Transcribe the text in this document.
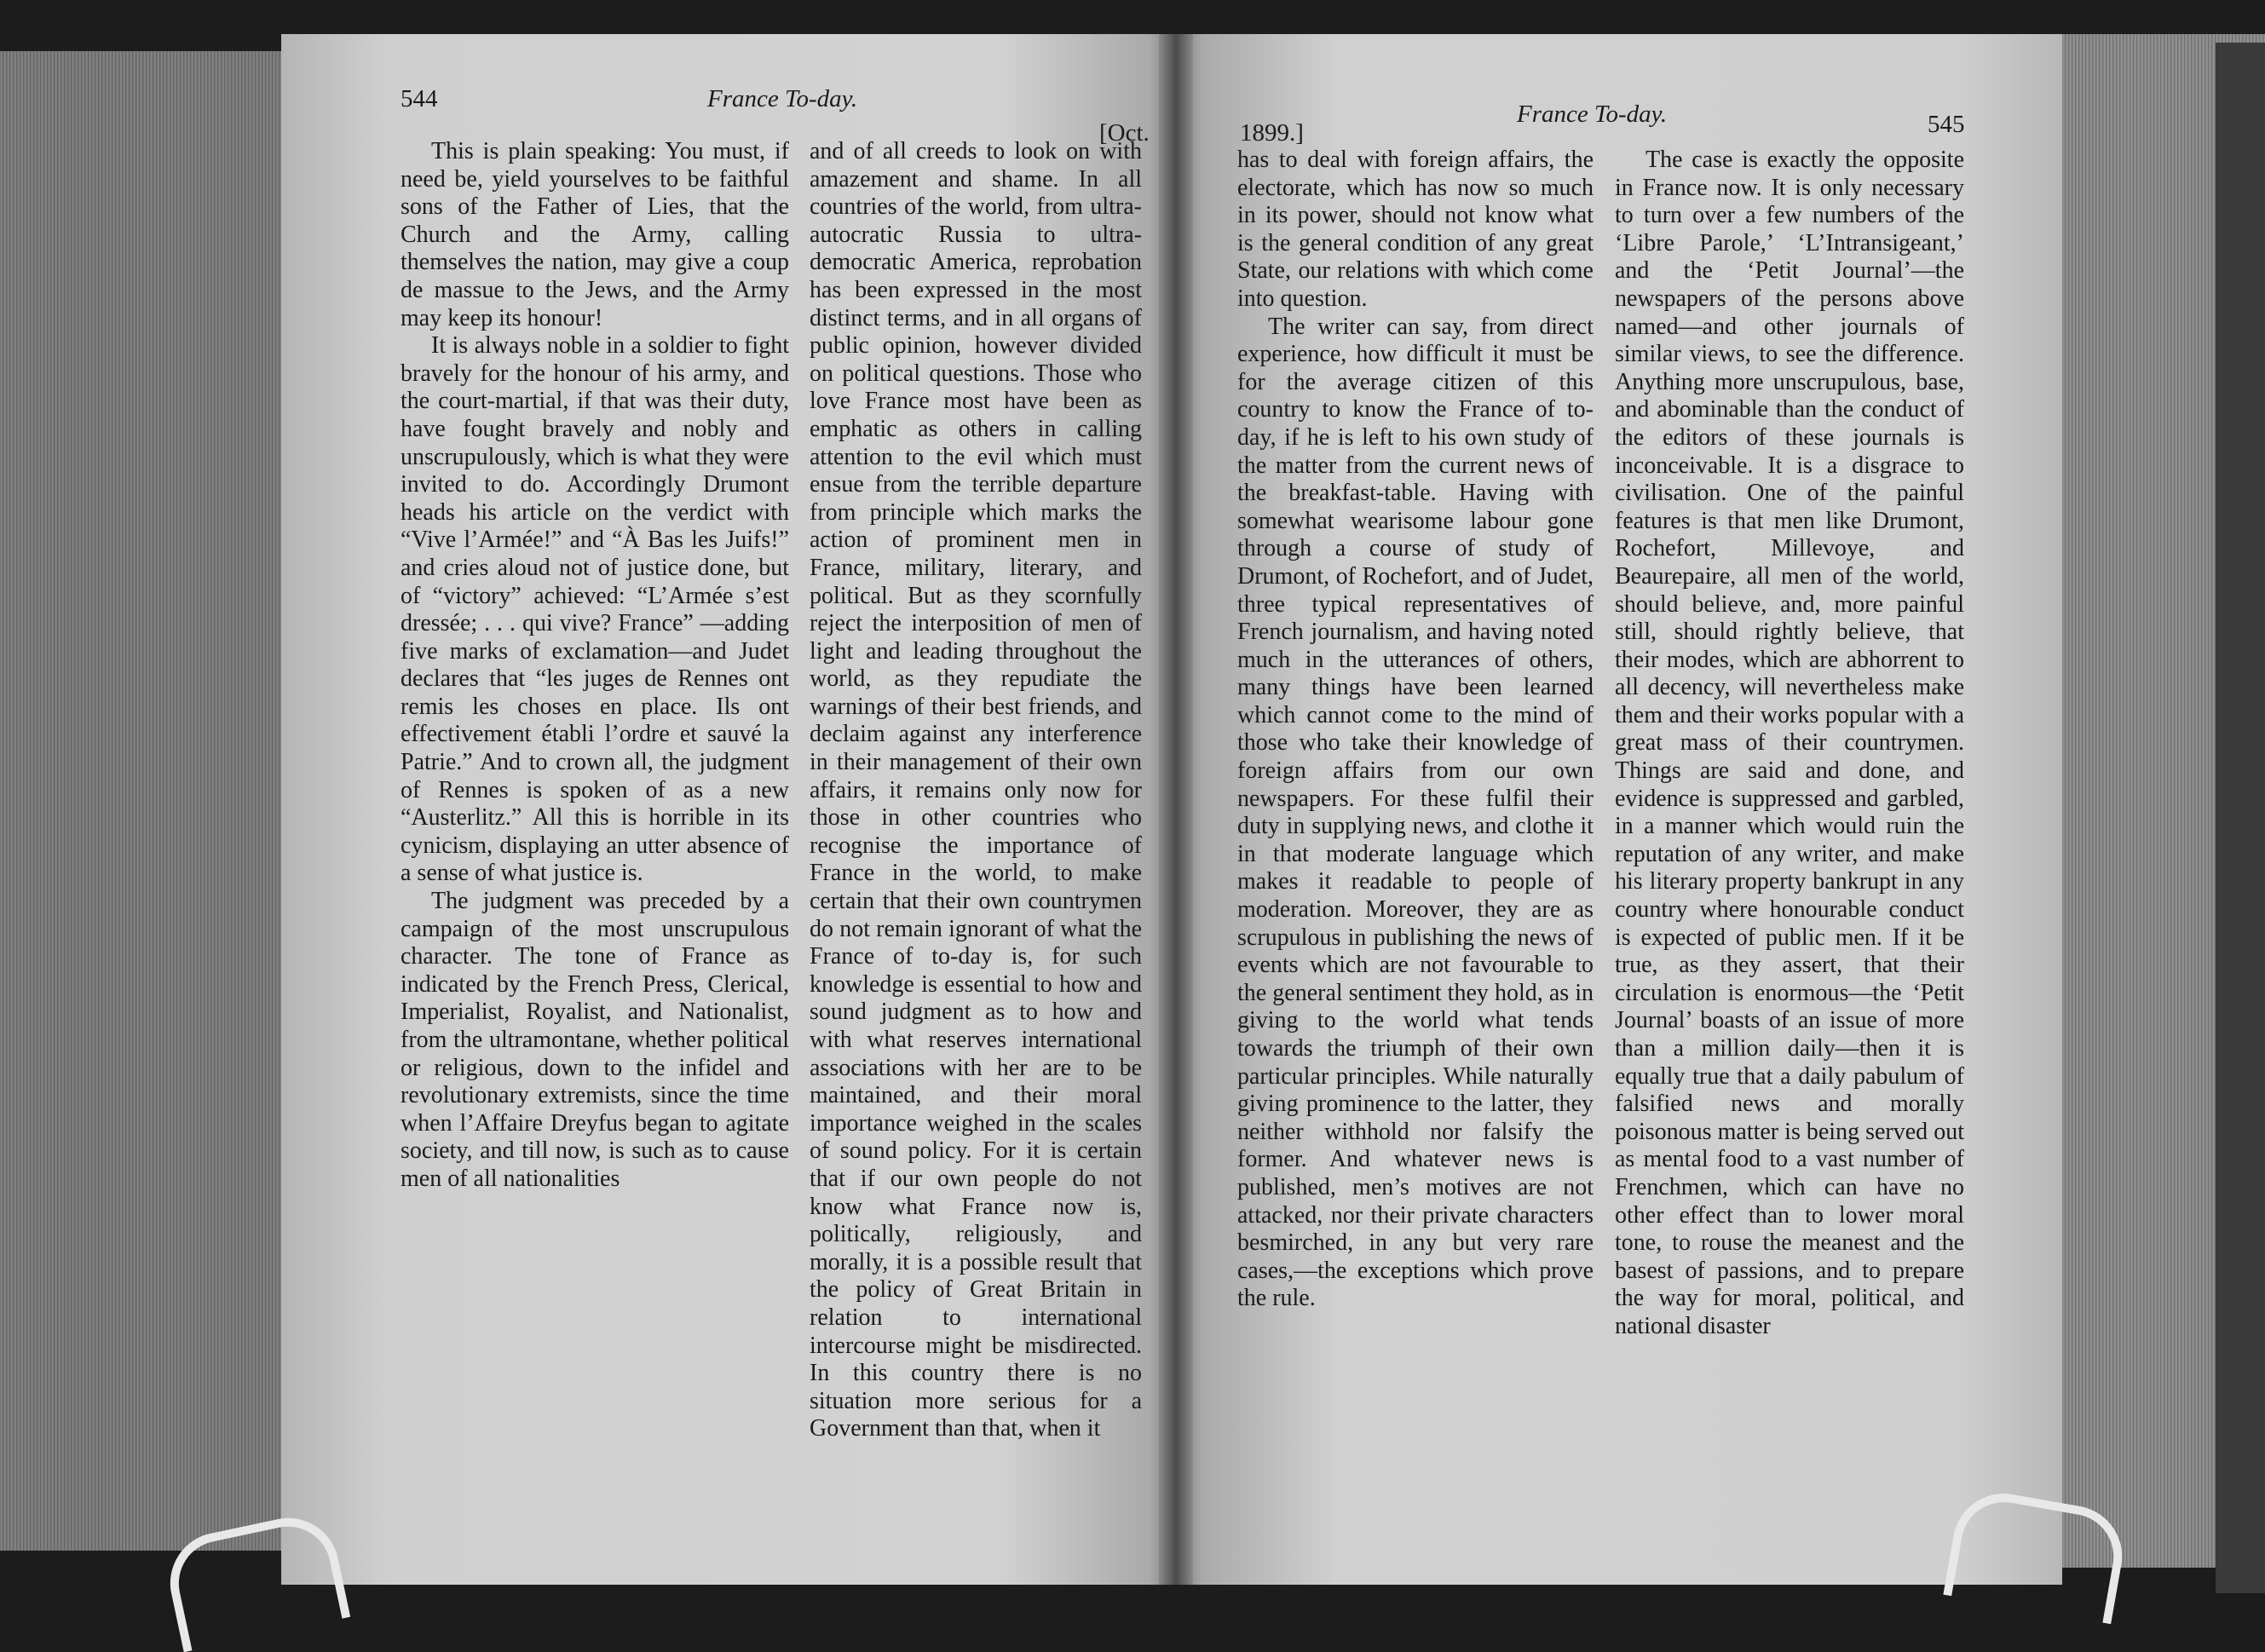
544	France To-day.
[Oct.	1899.]
France To-day.	545

This is plain speaking: You must, if need be, yield yourselves to be faithful sons of the Father of Lies, that the Church and the Army, calling themselves the nation, may give a coup de massue to the Jews, and the Army may keep its honour!

It is always noble in a soldier to fight bravely for the honour of his army, and the court-martial, if that was their duty, have fought bravely and nobly and unscrupulously, which is what they were invited to do. Accordingly Drumont heads his article on the verdict with “Vive l’Armée!” and “À Bas les Juifs!” and cries aloud not of justice done, but of “victory” achieved: “L’Armée s’est dressée; . . . qui vive? France” —adding five marks of exclamation—and Judet declares that “les juges de Rennes ont remis les choses en place. Ils ont effectivement établi l’ordre et sauvé la Patrie.” And to crown all, the judgment of Rennes is spoken of as a new “Austerlitz.” All this is horrible in its cynicism, displaying an utter absence of a sense of what justice is.

The judgment was preceded by a campaign of the most unscrupulous character. The tone of France as indicated by the French Press, Clerical, Imperialist, Royalist, and Nationalist, from the ultramontane, whether political or religious, down to the infidel and revolutionary extremists, since the time when l’Affaire Dreyfus began to agitate society, and till now, is such as to cause men of all nationalities

and of all creeds to look on with amazement and shame. In all countries of the world, from ultra-autocratic Russia to ultra-democratic America, reprobation has been expressed in the most distinct terms, and in all organs of public opinion, however divided on political questions. Those who love France most have been as emphatic as others in calling attention to the evil which must ensue from the terrible departure from principle which marks the action of prominent men in France, military, literary, and political. But as they scornfully reject the interposition of men of light and leading throughout the world, as they repudiate the warnings of their best friends, and declaim against any interference in their management of their own affairs, it remains only now for those in other countries who recognise the importance of France in the world, to make certain that their own countrymen do not remain ignorant of what the France of to-day is, for such knowledge is essential to how and sound judgment as to how and with what reserves international associations with her are to be maintained, and their moral importance weighed in the scales of sound policy. For it is certain that if our own people do not know what France now is, politically, religiously, and morally, it is a possible result that the policy of Great Britain in relation to international intercourse might be misdirected. In this country there is no situation more serious for a Government than that, when it

has to deal with foreign affairs, the electorate, which has now so much in its power, should not know what is the general condition of any great State, our relations with which come into question.

The writer can say, from direct experience, how difficult it must be for the average citizen of this country to know the France of to-day, if he is left to his own study of the matter from the current news of the breakfast-table. Having with somewhat wearisome labour gone through a course of study of Drumont, of Rochefort, and of Judet, three typical representatives of French journalism, and having noted much in the utterances of others, many things have been learned which cannot come to the mind of those who take their knowledge of foreign affairs from our own newspapers. For these fulfil their duty in supplying news, and clothe it in that moderate language which makes it readable to people of moderation. Moreover, they are as scrupulous in publishing the news of events which are not favourable to the general sentiment they hold, as in giving to the world what tends towards the triumph of their own particular principles. While naturally giving prominence to the latter, they neither withhold nor falsify the former. And whatever news is published, men’s motives are not attacked, nor their private characters besmirched, in any but very rare cases,—the exceptions which prove the rule.

The case is exactly the opposite in France now. It is only necessary to turn over a few numbers of the ‘Libre Parole,’ ‘L’Intransigeant,’ and the ‘Petit Journal’—the newspapers of the persons above named—and other journals of similar views, to see the difference. Anything more unscrupulous, base, and abominable than the conduct of the editors of these journals is inconceivable. It is a disgrace to civilisation. One of the painful features is that men like Drumont, Rochefort, Millevoye, and Beaurepaire, all men of the world, should believe, and, more painful still, should rightly believe, that their modes, which are abhorrent to all decency, will nevertheless make them and their works popular with a great mass of their countrymen. Things are said and done, and evidence is suppressed and garbled, in a manner which would ruin the reputation of any writer, and make his literary property bankrupt in any country where honourable conduct is expected of public men. If it be true, as they assert, that their circulation is enormous—the ‘Petit Journal’ boasts of an issue of more than a million daily—then it is equally true that a daily pabulum of falsified news and morally poisonous matter is being served out as mental food to a vast number of Frenchmen, which can have no other effect than to lower moral tone, to rouse the meanest and the basest of passions, and to prepare the way for moral, political, and national disaster
